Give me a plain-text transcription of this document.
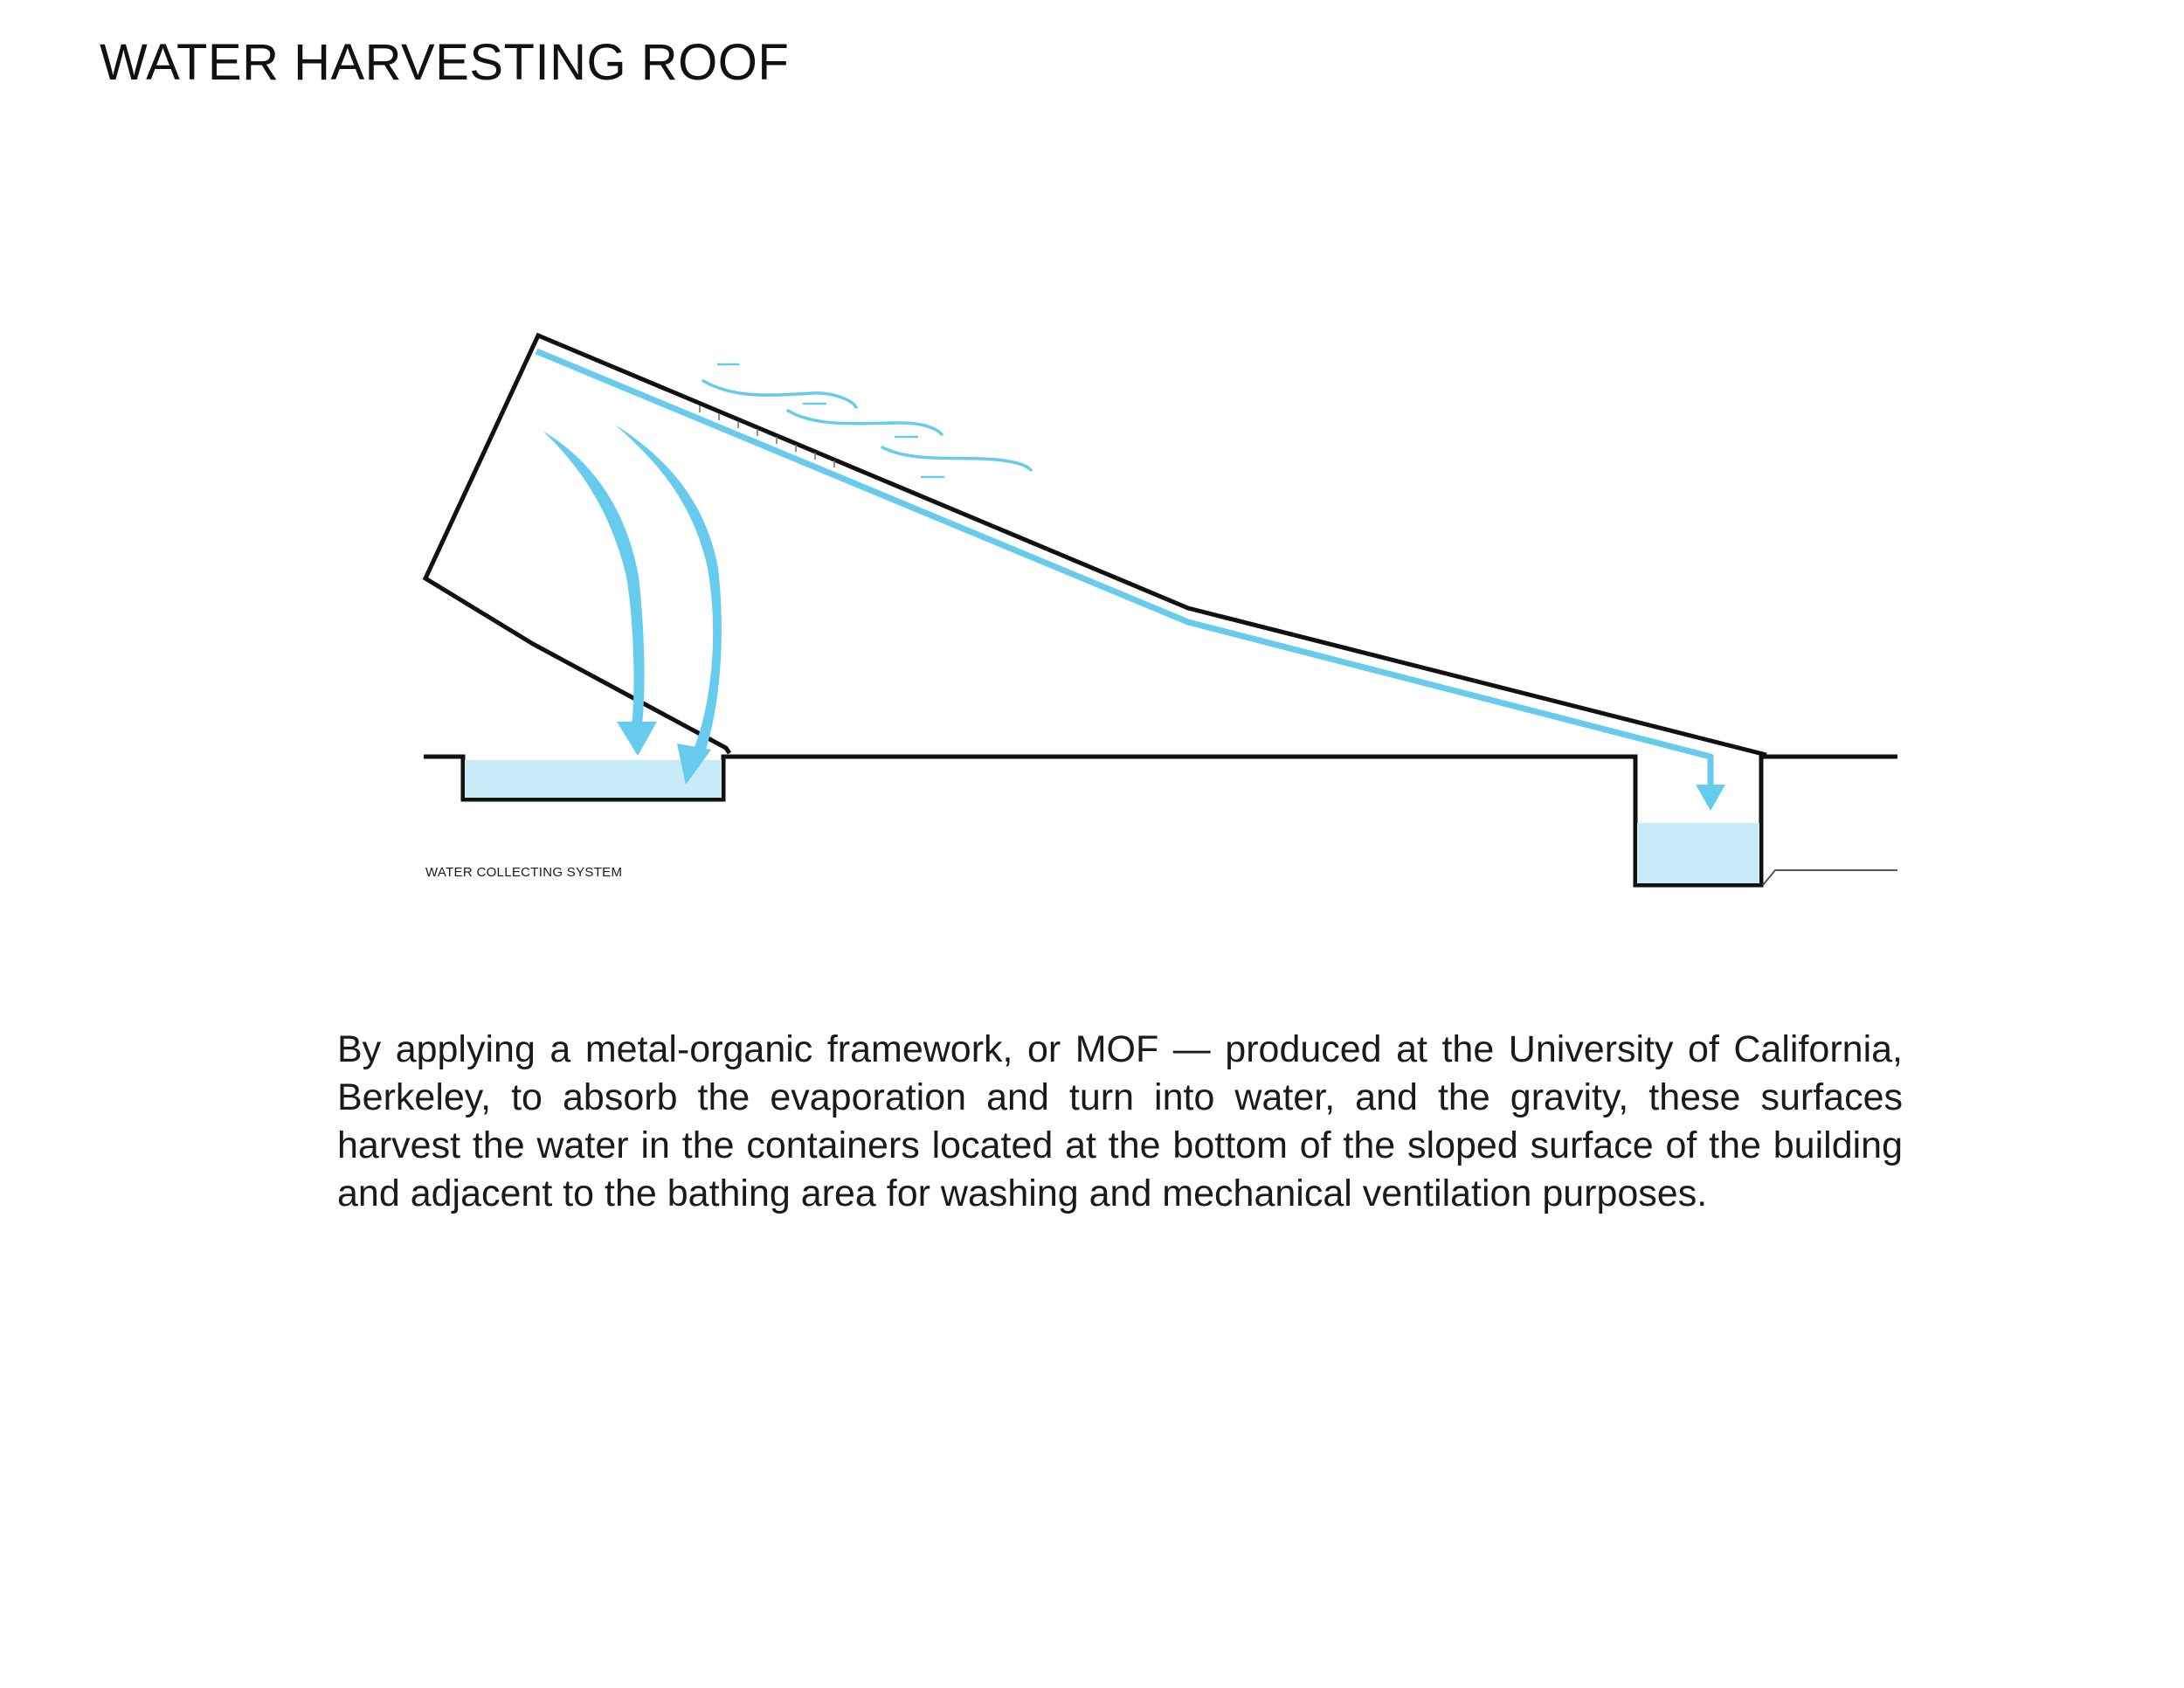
WATER HARVESTING ROOF
WATER COLLECTING SYSTEM

By applying a metal-organic framework, or MOF — produced at the University of California, Berkeley, to absorb the evaporation and turn into water, and the gravity, these surfaces harvest the water in the containers located at the bottom of the sloped surface of the building and adjacent to the bathing area for washing and mechanical ventilation purposes.
